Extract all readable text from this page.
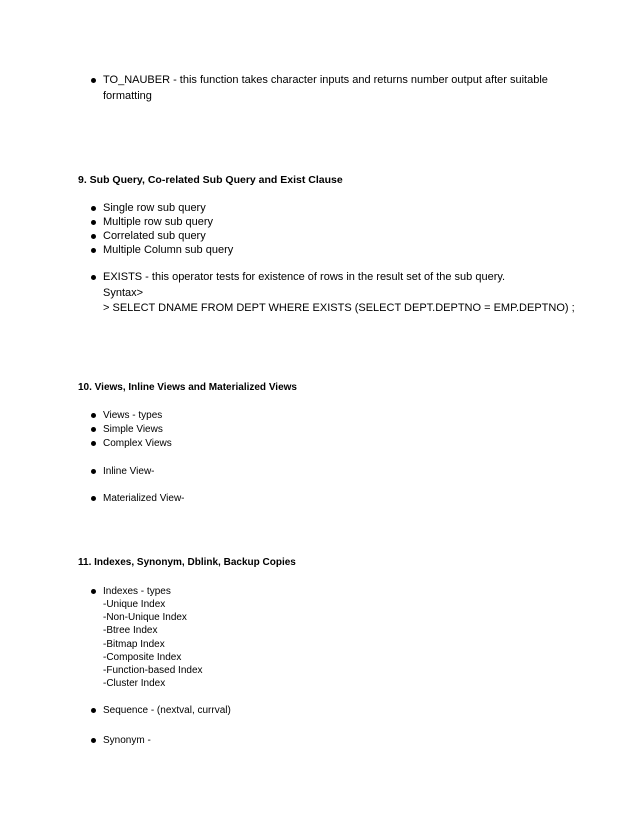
TO_NAUBER - this function takes character inputs and returns number output after suitable
formatting
9. Sub Query, Co-related Sub Query and Exist Clause
Single row sub query
Multiple row sub query
Correlated sub query
Multiple Column sub query
EXISTS - this operator tests for existence of rows in the result set of the sub query.
Syntax>
> SELECT DNAME FROM DEPT WHERE EXISTS (SELECT DEPT.DEPTNO = EMP.DEPTNO) ;
10. Views, Inline Views and Materialized Views
Views - types
Simple Views
Complex Views
Inline View-
Materialized View-
11. Indexes, Synonym, Dblink, Backup Copies
Indexes - types
-Unique Index
-Non-Unique Index
-Btree Index
-Bitmap Index
-Composite Index
-Function-based Index
-Cluster Index
Sequence - (nextval, currval)
Synonym -
